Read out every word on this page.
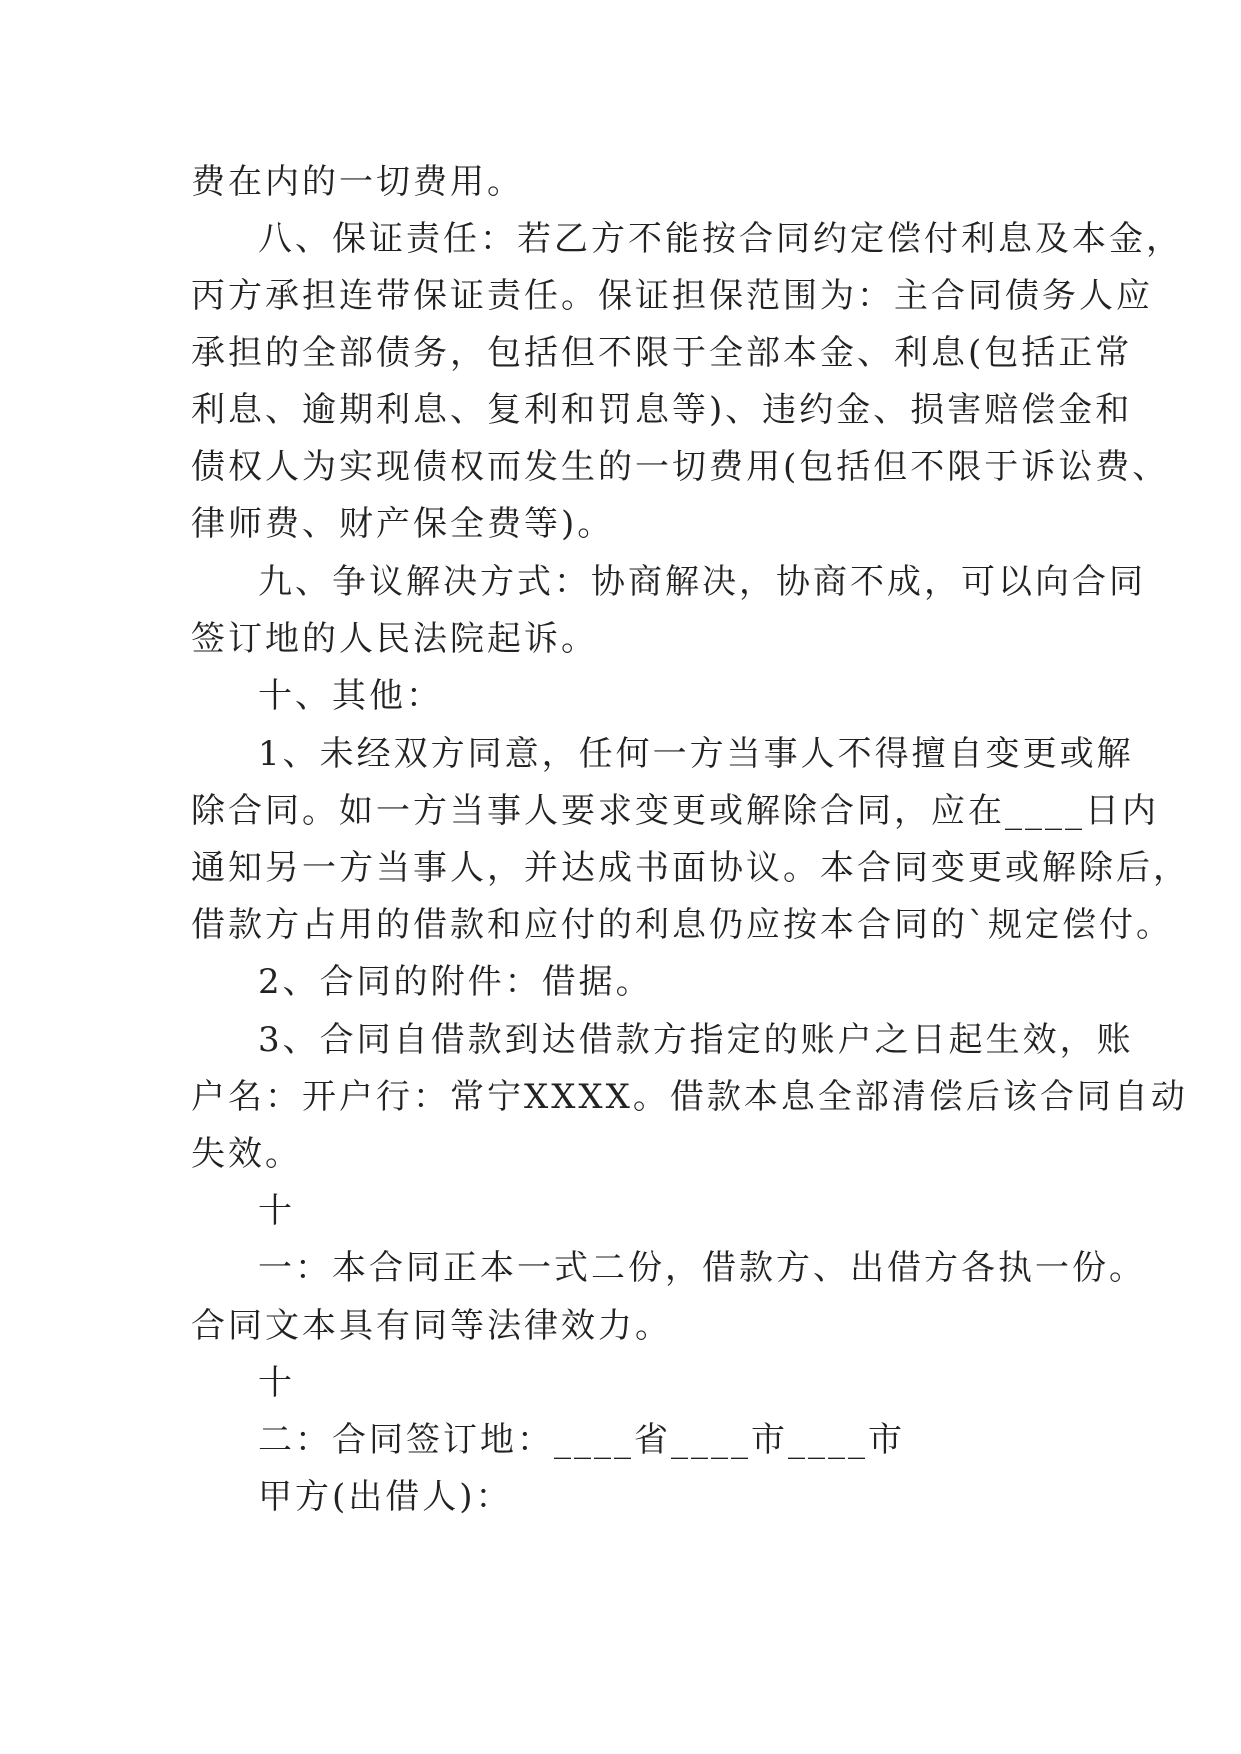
费在内的一切费用。
八、保证责任：若乙方不能按合同约定偿付利息及本金，
丙方承担连带保证责任。保证担保范围为：主合同债务人应
承担的全部债务，包括但不限于全部本金、利息(包括正常
利息、逾期利息、复利和罚息等)、违约金、损害赔偿金和
债权人为实现债权而发生的一切费用(包括但不限于诉讼费、
律师费、财产保全费等)。
九、争议解决方式：协商解决，协商不成，可以向合同
签订地的人民法院起诉。
十、其他：
1、未经双方同意，任何一方当事人不得擅自变更或解
除合同。如一方当事人要求变更或解除合同，应在____日内
通知另一方当事人，并达成书面协议。本合同变更或解除后，
借款方占用的借款和应付的利息仍应按本合同的`规定偿付。
2、合同的附件：借据。
3、合同自借款到达借款方指定的账户之日起生效，账
户名：开户行：常宁XXXX。借款本息全部清偿后该合同自动
失效。
十
一：本合同正本一式二份，借款方、出借方各执一份。
合同文本具有同等法律效力。
十
二：合同签订地：____省____市____市
甲方(出借人)：
